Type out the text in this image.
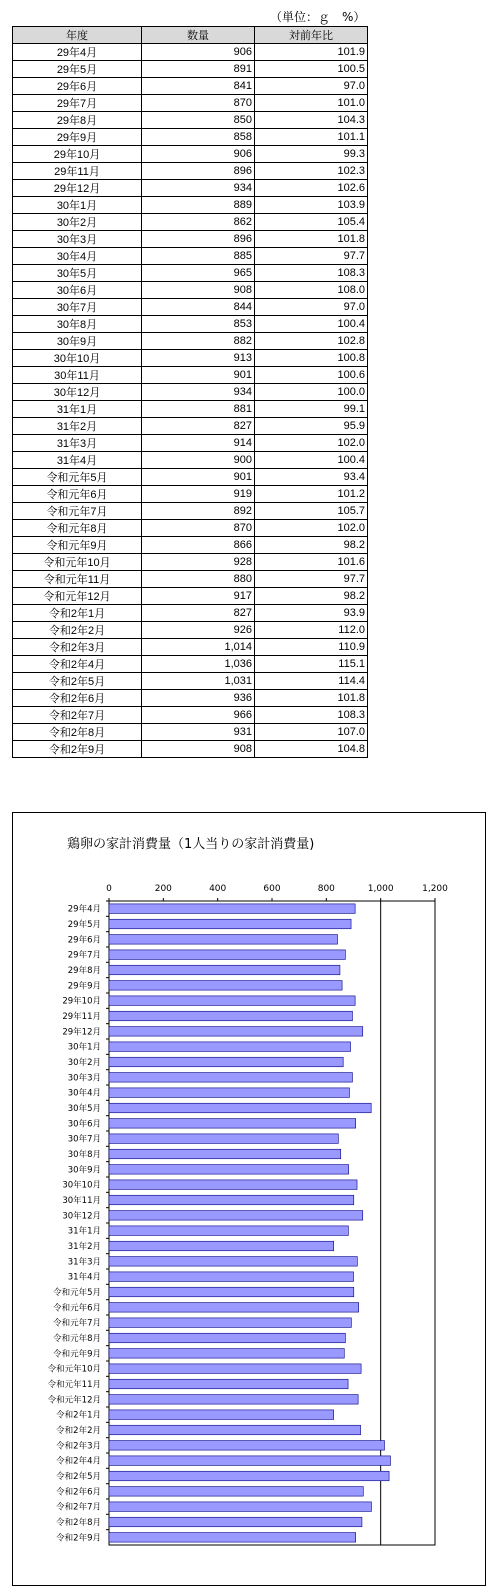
（単位：ｇ　%）
年度	数量	対前年比
29年4月	906	101.9
29年5月	891	100.5
29年6月	841	97.0
29年7月	870	101.0
29年8月	850	104.3
29年9月	858	101.1
29年10月	906	99.3
29年11月	896	102.3
29年12月	934	102.6
30年1月	889	103.9
30年2月	862	105.4
30年3月	896	101.8
30年4月	885	97.7
30年5月	965	108.3
30年6月	908	108.0
30年7月	844	97.0
30年8月	853	100.4
30年9月	882	102.8
30年10月	913	100.8
30年11月	901	100.6
30年12月	934	100.0
31年1月	881	99.1
31年2月	827	95.9
31年3月	914	102.0
31年4月	900	100.4
令和元年5月	901	93.4
令和元年6月	919	101.2
令和元年7月	892	105.7
令和元年8月	870	102.0
令和元年9月	866	98.2
令和元年10月	928	101.6
令和元年11月	880	97.7
令和元年12月	917	98.2
令和2年1月	827	93.9
令和2年2月	926	112.0
令和2年3月	1,014	110.9
令和2年4月	1,036	115.1
令和2年5月	1,031	114.4
令和2年6月	936	101.8
令和2年7月	966	108.3
令和2年8月	931	107.0
令和2年9月	908	104.8
鶏卵の家計消費量（1人当りの家計消費量)
0	200	400	600	800	1,000	1,200
29年4月
29年5月
29年6月
29年7月
29年8月
29年9月
29年10月
29年11月
29年12月
30年1月
30年2月
30年3月
30年4月
30年5月
30年6月
30年7月
30年8月
30年9月
30年10月
30年11月
30年12月
31年1月
31年2月
31年3月
31年4月
令和元年5月
令和元年6月
令和元年7月
令和元年8月
令和元年9月
令和元年10月
令和元年11月
令和元年12月
令和2年1月
令和2年2月
令和2年3月
令和2年4月
令和2年5月
令和2年6月
令和2年7月
令和2年8月
令和2年9月
